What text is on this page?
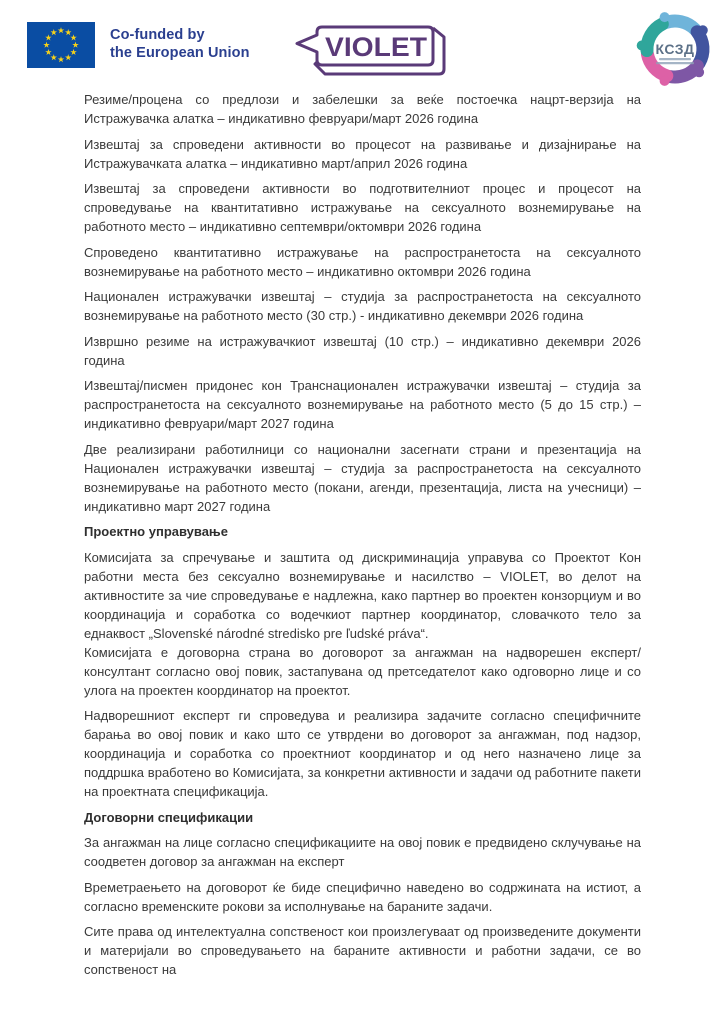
Co-funded by
the European Union	VIOLET	КСЗД

Резиме/процена со предлози и забелешки за веќе постоечка нацрт-верзија на Истражувачка алатка – индикативно февруари/март 2026 година

Извештај за спроведени активности во процесот на развивање и дизајнирање на Истражувачката алатка – индикативно март/април 2026 година

Извештај за спроведени активности во подготвителниот процес и процесот на спроведување на квантитативно истражување на сексуалното вознемирување на работното место – индикативно септември/октомври 2026 година

Спроведено квантитативно истражување на распространетоста на сексуалното вознемирување на работното место – индикативно октомври 2026 година

Национален истражувачки извештај – студија за распространетоста на сексуалното вознемирување на работното место (30 стр.) - индикативно декември 2026 година

Извршно резиме на истражувачкиот извештај (10 стр.) – индикативно декември 2026 година

Извештај/писмен придонес кон Транснационален истражувачки извештај – студија за распространетоста на сексуалното вознемирување на работното место (5 до 15 стр.) – индикативно февруари/март 2027 година

Две реализирани работилници со национални засегнати страни и презентација на Национален истражувачки извештај – студија за распространетоста на сексуалното вознемирување на работното место (покани, агенди, презентација, листа на учесници) – индикативно март 2027 година

Проектно управување

Комисијата за спречување и заштита од дискриминација управува со Проектот Кон работни места без сексуално вознемирување и насилство – VIOLET, во делот на активностите за чие спроведување е надлежна, како партнер во проектен конзорциум и во координација и соработка со водечкиот партнер координатор, словачкото тело за еднаквост „Slovenské národné stredisko pre ľudské práva“.

Комисијата е договорна страна во договорот за ангажман на надворешен експерт/консултант согласно овој повик, застапувана од претседателот како одговорно лице и со улога на проектен координатор на проектот.

Надворешниот експерт ги спроведува и реализира задачите согласно специфичните барања во овој повик и како што се утврдени во договорот за ангажман, под надзор, координација и соработка со проектниот координатор и од него назначено лице за поддршка вработено во Комисијата, за конкретни активности и задачи од работните пакети на проектната спецификација.

Договорни спецификации

За ангажман на лице согласно спецификациите на овој повик е предвидено склучување на соодветен договор за ангажман на експерт

Времетраењето на договорот ќе биде специфично наведено во содржината на истиот, а согласно временските рокови за исполнување на бараните задачи.

Сите права од интелектуална сопственост кои произлегуваат од произведените документи и материјали во спроведувањето на бараните активности и работни задачи, се во сопственост на
